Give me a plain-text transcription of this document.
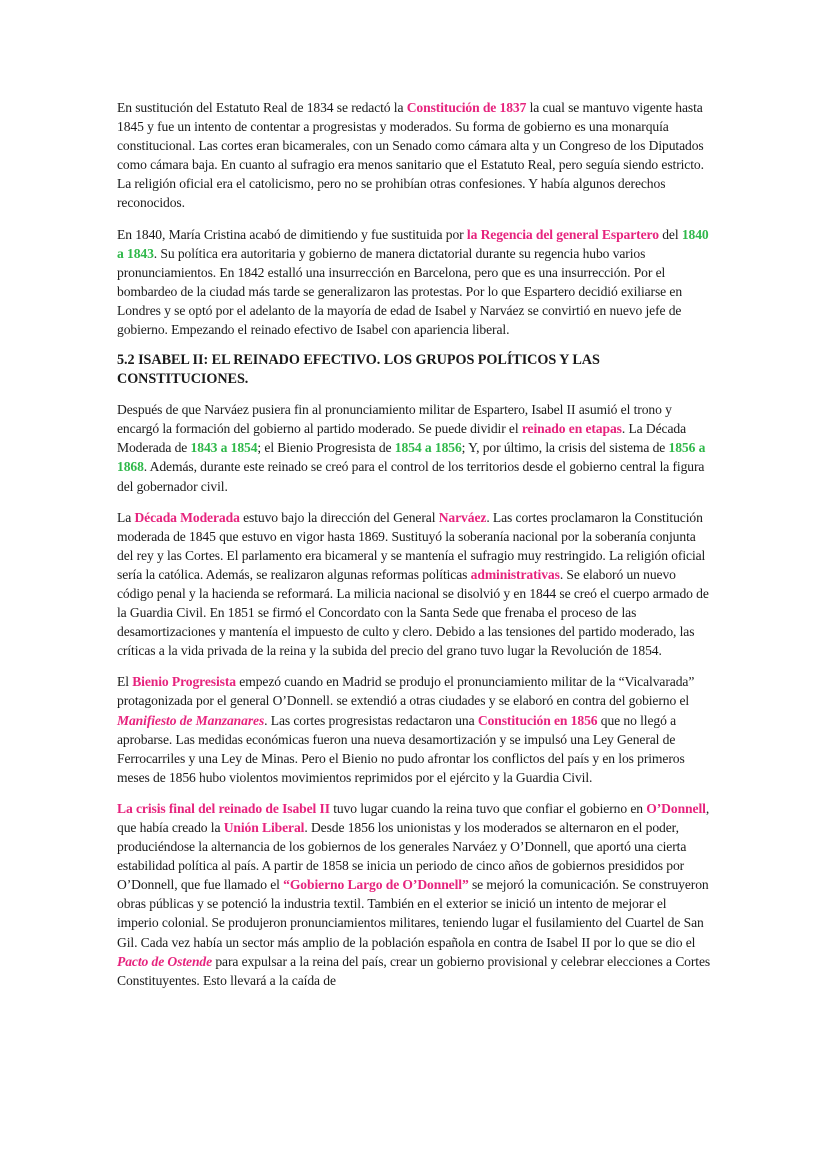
En sustitución del Estatuto Real de 1834 se redactó la Constitución de 1837 la cual se mantuvo vigente hasta 1845 y fue un intento de contentar a progresistas y moderados. Su forma de gobierno es una monarquía constitucional. Las cortes eran bicamerales, con un Senado como cámara alta y un Congreso de los Diputados como cámara baja. En cuanto al sufragio era menos sanitario que el Estatuto Real, pero seguía siendo estricto. La religión oficial era el catolicismo, pero no se prohibían otras confesiones. Y había algunos derechos reconocidos.

En 1840, María Cristina acabó de dimitiendo y fue sustituida por la Regencia del general Espartero del 1840 a 1843. Su política era autoritaria y gobierno de manera dictatorial durante su regencia hubo varios pronunciamientos. En 1842 estalló una insurrección en Barcelona, pero que es una insurrección. Por el bombardeo de la ciudad más tarde se generalizaron las protestas. Por lo que Espartero decidió exiliarse en Londres y se optó por el adelanto de la mayoría de edad de Isabel y Narváez se convirtió en nuevo jefe de gobierno. Empezando el reinado efectivo de Isabel con apariencia liberal.

5.2 ISABEL II: EL REINADO EFECTIVO. LOS GRUPOS POLÍTICOS Y LAS CONSTITUCIONES.

Después de que Narváez pusiera fin al pronunciamiento militar de Espartero, Isabel II asumió el trono y encargó la formación del gobierno al partido moderado. Se puede dividir el reinado en etapas. La Década Moderada de 1843 a 1854; el Bienio Progresista de 1854 a 1856; Y, por último, la crisis del sistema de 1856 a 1868. Además, durante este reinado se creó para el control de los territorios desde el gobierno central la figura del gobernador civil.

La Década Moderada estuvo bajo la dirección del General Narváez. Las cortes proclamaron la Constitución moderada de 1845 que estuvo en vigor hasta 1869. Sustituyó la soberanía nacional por la soberanía conjunta del rey y las Cortes. El parlamento era bicameral y se mantenía el sufragio muy restringido. La religión oficial sería la católica. Además, se realizaron algunas reformas políticas administrativas. Se elaboró un nuevo código penal y la hacienda se reformará. La milicia nacional se disolvió y en 1844 se creó el cuerpo armado de la Guardia Civil. En 1851 se firmó el Concordato con la Santa Sede que frenaba el proceso de las desamortizaciones y mantenía el impuesto de culto y clero. Debido a las tensiones del partido moderado, las críticas a la vida privada de la reina y la subida del precio del grano tuvo lugar la Revolución de 1854.

El Bienio Progresista empezó cuando en Madrid se produjo el pronunciamiento militar de la “Vicalvarada” protagonizada por el general O’Donnell. se extendió a otras ciudades y se elaboró en contra del gobierno el Manifiesto de Manzanares. Las cortes progresistas redactaron una Constitución en 1856 que no llegó a aprobarse. Las medidas económicas fueron una nueva desamortización y se impulsó una Ley General de Ferrocarriles y una Ley de Minas. Pero el Bienio no pudo afrontar los conflictos del país y en los primeros meses de 1856 hubo violentos movimientos reprimidos por el ejército y la Guardia Civil.

La crisis final del reinado de Isabel II tuvo lugar cuando la reina tuvo que confiar el gobierno en O’Donnell, que había creado la Unión Liberal. Desde 1856 los unionistas y los moderados se alternaron en el poder, produciéndose la alternancia de los gobiernos de los generales Narváez y O’Donnell, que aportó una cierta estabilidad política al país. A partir de 1858 se inicia un periodo de cinco años de gobiernos presididos por O’Donnell, que fue llamado el “Gobierno Largo de O’Donnell” se mejoró la comunicación. Se construyeron obras públicas y se potenció la industria textil. También en el exterior se inició un intento de mejorar el imperio colonial. Se produjeron pronunciamientos militares, teniendo lugar el fusilamiento del Cuartel de San Gil. Cada vez había un sector más amplio de la población española en contra de Isabel II por lo que se dio el Pacto de Ostende para expulsar a la reina del país, crear un gobierno provisional y celebrar elecciones a Cortes Constituyentes. Esto llevará a la caída de
